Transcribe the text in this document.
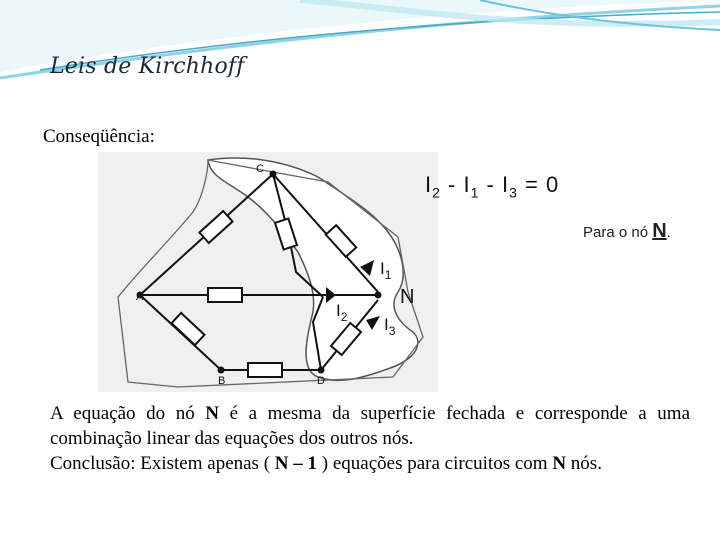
Leis de Kirchhoff
Conseqüência:
C
A
B	D
N
$I_1$
$I_2$ $I_3$
$I_2 - I_1 - I_3 = 0$
Para o nó N.

A equação do nó N é a mesma da superfície fechada e corresponde a uma combinação linear das equações dos outros nós.

Conclusão: Existem apenas ( N – 1 ) equações para circuitos com N nós.
